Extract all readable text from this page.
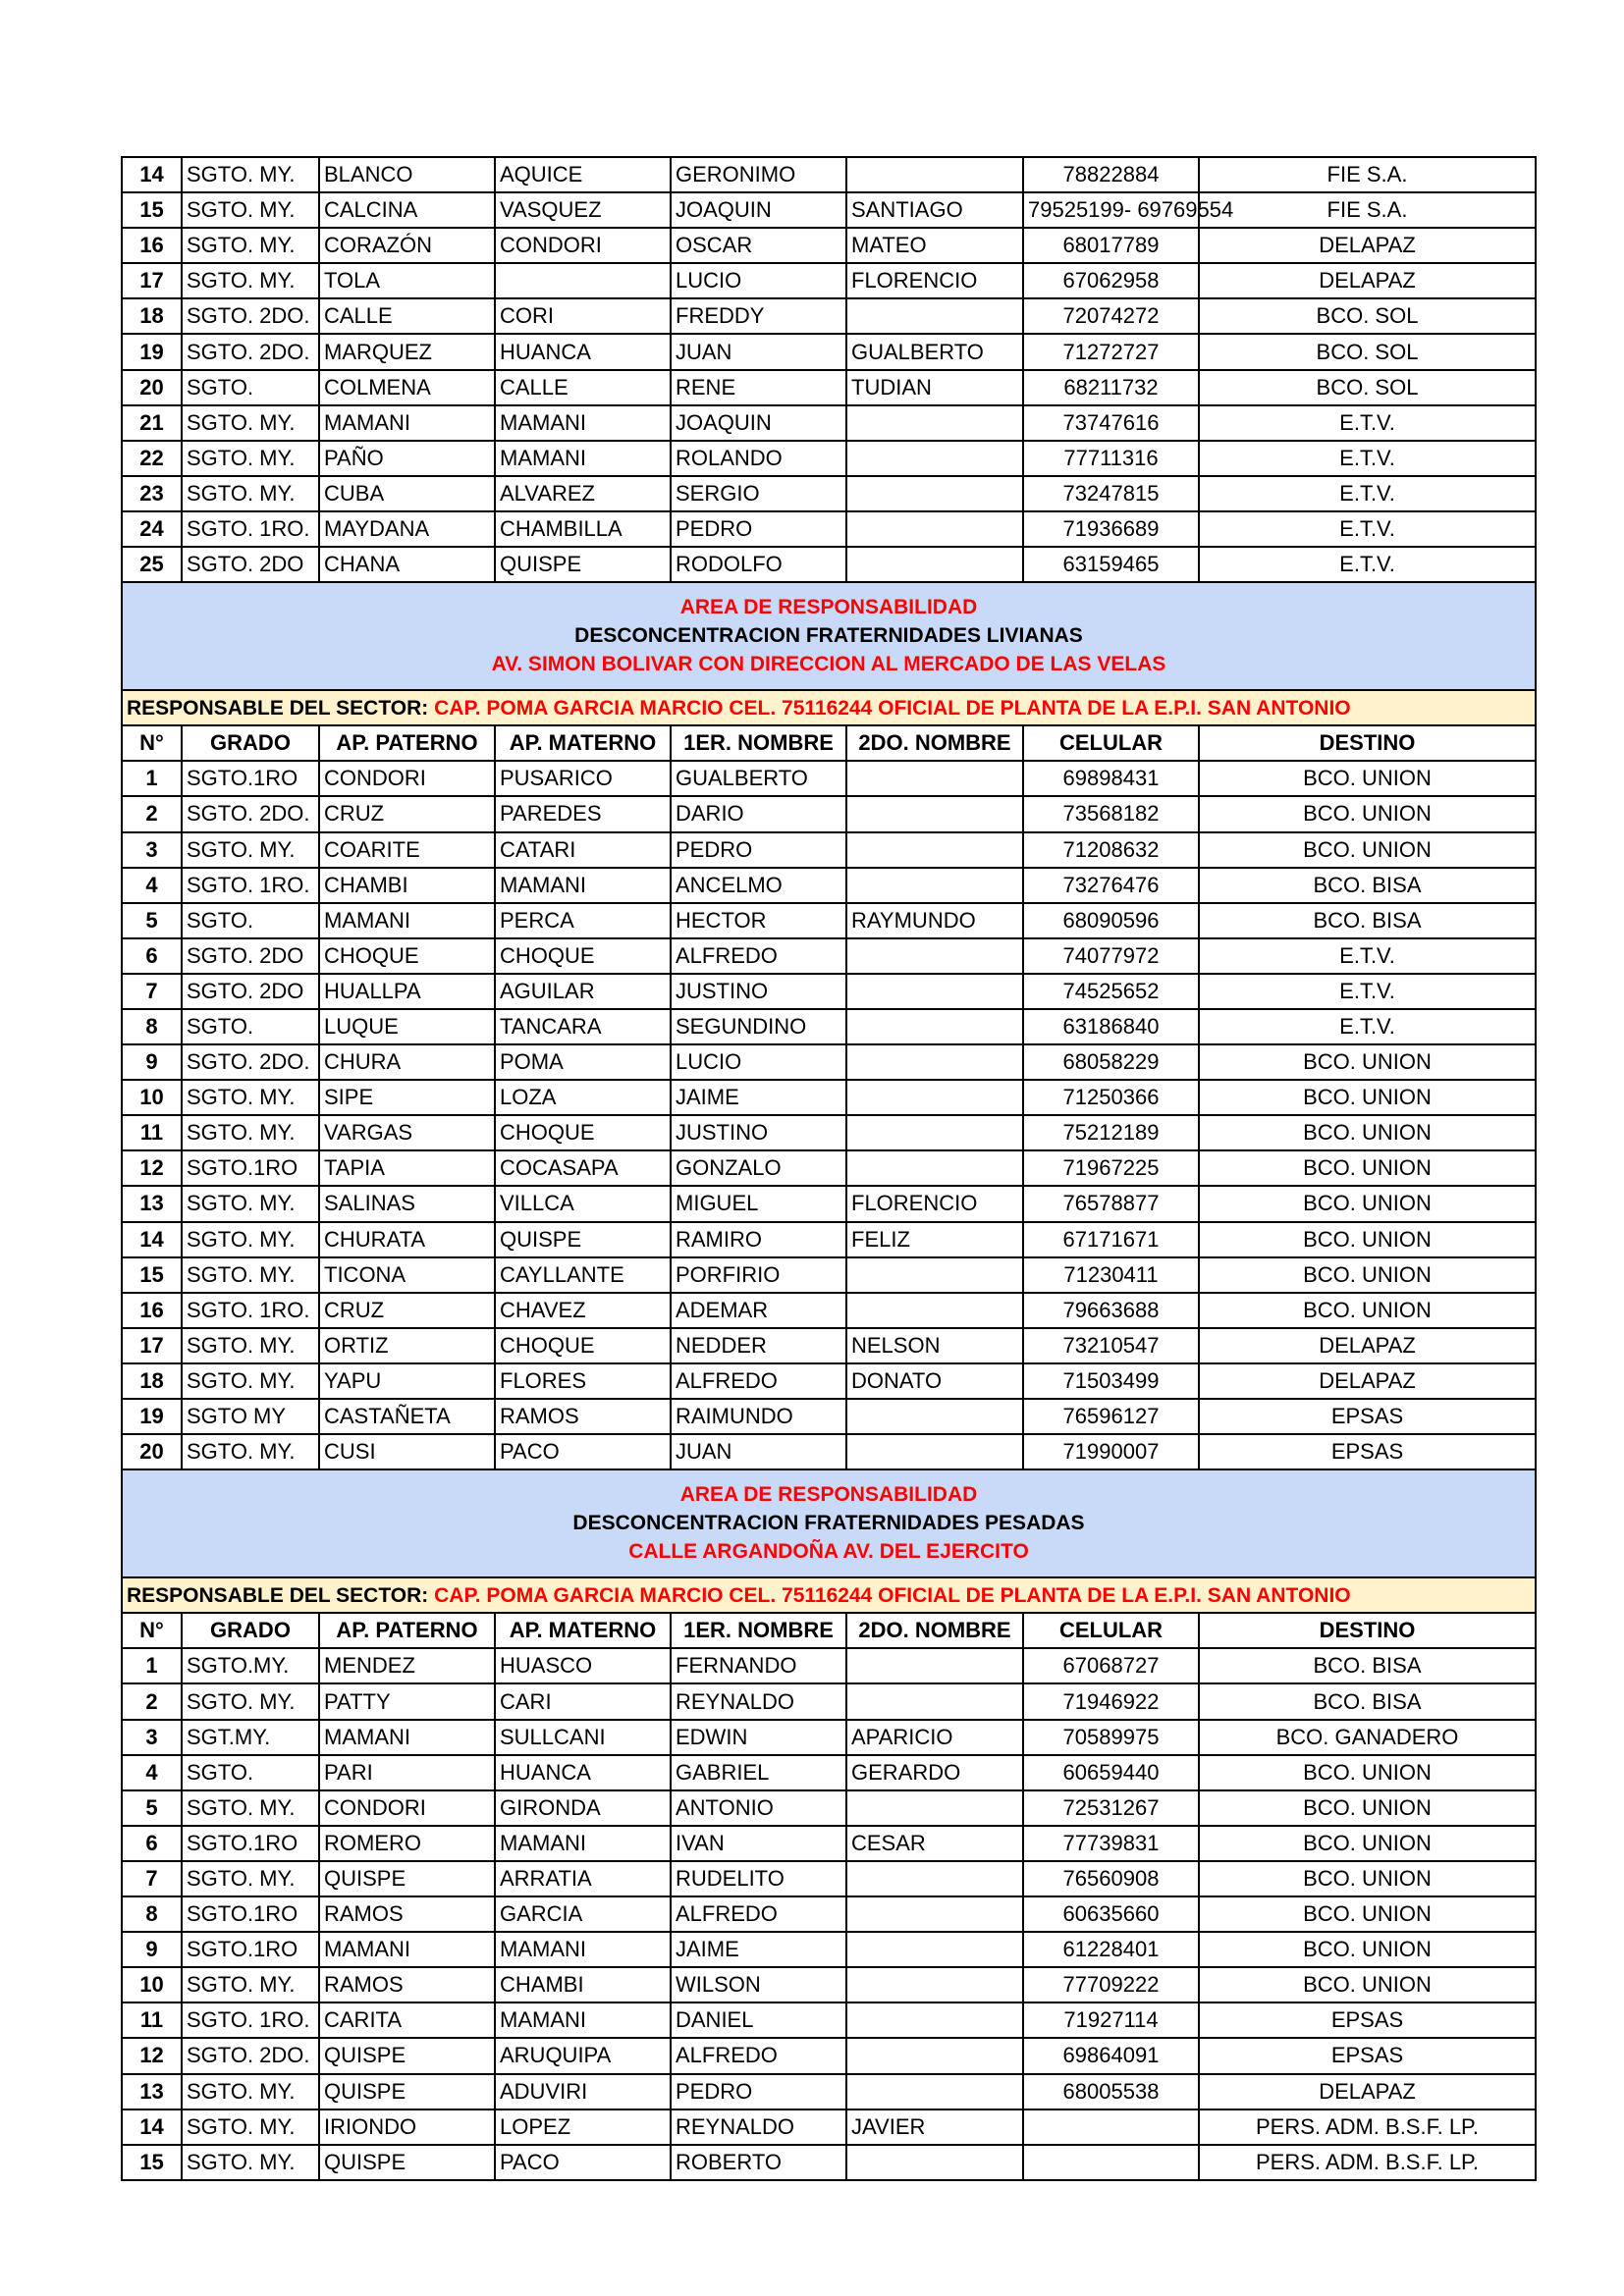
14	SGTO. MY.	BLANCO	AQUICE	GERONIMO		78822884	FIE S.A.
15	SGTO. MY.	CALCINA	VASQUEZ	JOAQUIN	SANTIAGO	79525199- 69769554	FIE S.A.
16	SGTO. MY.	CORAZÓN	CONDORI	OSCAR	MATEO	68017789	DELAPAZ
17	SGTO. MY.	TOLA		LUCIO	FLORENCIO	67062958	DELAPAZ
18	SGTO. 2DO.	CALLE	CORI	FREDDY		72074272	BCO. SOL
19	SGTO. 2DO.	MARQUEZ	HUANCA	JUAN	GUALBERTO	71272727	BCO. SOL
20	SGTO.	COLMENA	CALLE	RENE	TUDIAN	68211732	BCO. SOL
21	SGTO. MY.	MAMANI	MAMANI	JOAQUIN		73747616	E.T.V.
22	SGTO. MY.	PAÑO	MAMANI	ROLANDO		77711316	E.T.V.
23	SGTO. MY.	CUBA	ALVAREZ	SERGIO		73247815	E.T.V.
24	SGTO. 1RO.	MAYDANA	CHAMBILLA	PEDRO		71936689	E.T.V.
25	SGTO. 2DO	CHANA	QUISPE	RODOLFO		63159465	E.T.V.

AREA DE RESPONSABILIDAD
DESCONCENTRACION FRATERNIDADES LIVIANAS
AV. SIMON BOLIVAR CON DIRECCION AL MERCADO DE LAS VELAS							

RESPONSABLE DEL SECTOR: CAP. POMA GARCIA MARCIO CEL. 75116244 OFICIAL DE PLANTA DE LA E.P.I. SAN ANTONIO							
N°	GRADO	AP. PATERNO	AP. MATERNO	1ER. NOMBRE	2DO. NOMBRE	CELULAR	DESTINO
1	SGTO.1RO	CONDORI	PUSARICO	GUALBERTO		69898431	BCO. UNION
2	SGTO. 2DO.	CRUZ	PAREDES	DARIO		73568182	BCO. UNION
3	SGTO. MY.	COARITE	CATARI	PEDRO		71208632	BCO. UNION
4	SGTO. 1RO.	CHAMBI	MAMANI	ANCELMO		73276476	BCO. BISA
5	SGTO.	MAMANI	PERCA	HECTOR	RAYMUNDO	68090596	BCO. BISA
6	SGTO. 2DO	CHOQUE	CHOQUE	ALFREDO		74077972	E.T.V.
7	SGTO. 2DO	HUALLPA	AGUILAR	JUSTINO		74525652	E.T.V.
8	SGTO.	LUQUE	TANCARA	SEGUNDINO		63186840	E.T.V.
9	SGTO. 2DO.	CHURA	POMA	LUCIO		68058229	BCO. UNION
10	SGTO. MY.	SIPE	LOZA	JAIME		71250366	BCO. UNION
11	SGTO. MY.	VARGAS	CHOQUE	JUSTINO		75212189	BCO. UNION
12	SGTO.1RO	TAPIA	COCASAPA	GONZALO		71967225	BCO. UNION
13	SGTO. MY.	SALINAS	VILLCA	MIGUEL	FLORENCIO	76578877	BCO. UNION
14	SGTO. MY.	CHURATA	QUISPE	RAMIRO	FELIZ	67171671	BCO. UNION
15	SGTO. MY.	TICONA	CAYLLANTE	PORFIRIO		71230411	BCO. UNION
16	SGTO. 1RO.	CRUZ	CHAVEZ	ADEMAR		79663688	BCO. UNION
17	SGTO. MY.	ORTIZ	CHOQUE	NEDDER	NELSON	73210547	DELAPAZ
18	SGTO. MY.	YAPU	FLORES	ALFREDO	DONATO	71503499	DELAPAZ
19	SGTO MY	CASTAÑETA	RAMOS	RAIMUNDO		76596127	EPSAS
20	SGTO. MY.	CUSI	PACO	JUAN		71990007	EPSAS

AREA DE RESPONSABILIDAD
DESCONCENTRACION FRATERNIDADES PESADAS
CALLE ARGANDOÑA AV. DEL EJERCITO							

RESPONSABLE DEL SECTOR: CAP. POMA GARCIA MARCIO CEL. 75116244 OFICIAL DE PLANTA DE LA E.P.I. SAN ANTONIO							
N°	GRADO	AP. PATERNO	AP. MATERNO	1ER. NOMBRE	2DO. NOMBRE	CELULAR	DESTINO
1	SGTO.MY.	MENDEZ	HUASCO	FERNANDO		67068727	BCO. BISA
2	SGTO. MY.	PATTY	CARI	REYNALDO		71946922	BCO. BISA
3	SGT.MY.	MAMANI	SULLCANI	EDWIN	APARICIO	70589975	BCO. GANADERO
4	SGTO.	PARI	HUANCA	GABRIEL	GERARDO	60659440	BCO. UNION
5	SGTO. MY.	CONDORI	GIRONDA	ANTONIO		72531267	BCO. UNION
6	SGTO.1RO	ROMERO	MAMANI	IVAN	CESAR	77739831	BCO. UNION
7	SGTO. MY.	QUISPE	ARRATIA	RUDELITO		76560908	BCO. UNION
8	SGTO.1RO	RAMOS	GARCIA	ALFREDO		60635660	BCO. UNION
9	SGTO.1RO	MAMANI	MAMANI	JAIME		61228401	BCO. UNION
10	SGTO. MY.	RAMOS	CHAMBI	WILSON		77709222	BCO. UNION
11	SGTO. 1RO.	CARITA	MAMANI	DANIEL		71927114	EPSAS
12	SGTO. 2DO.	QUISPE	ARUQUIPA	ALFREDO		69864091	EPSAS
13	SGTO. MY.	QUISPE	ADUVIRI	PEDRO		68005538	DELAPAZ
14	SGTO. MY.	IRIONDO	LOPEZ	REYNALDO	JAVIER		PERS. ADM. B.S.F. LP.
15	SGTO. MY.	QUISPE	PACO	ROBERTO			PERS. ADM. B.S.F. LP.
